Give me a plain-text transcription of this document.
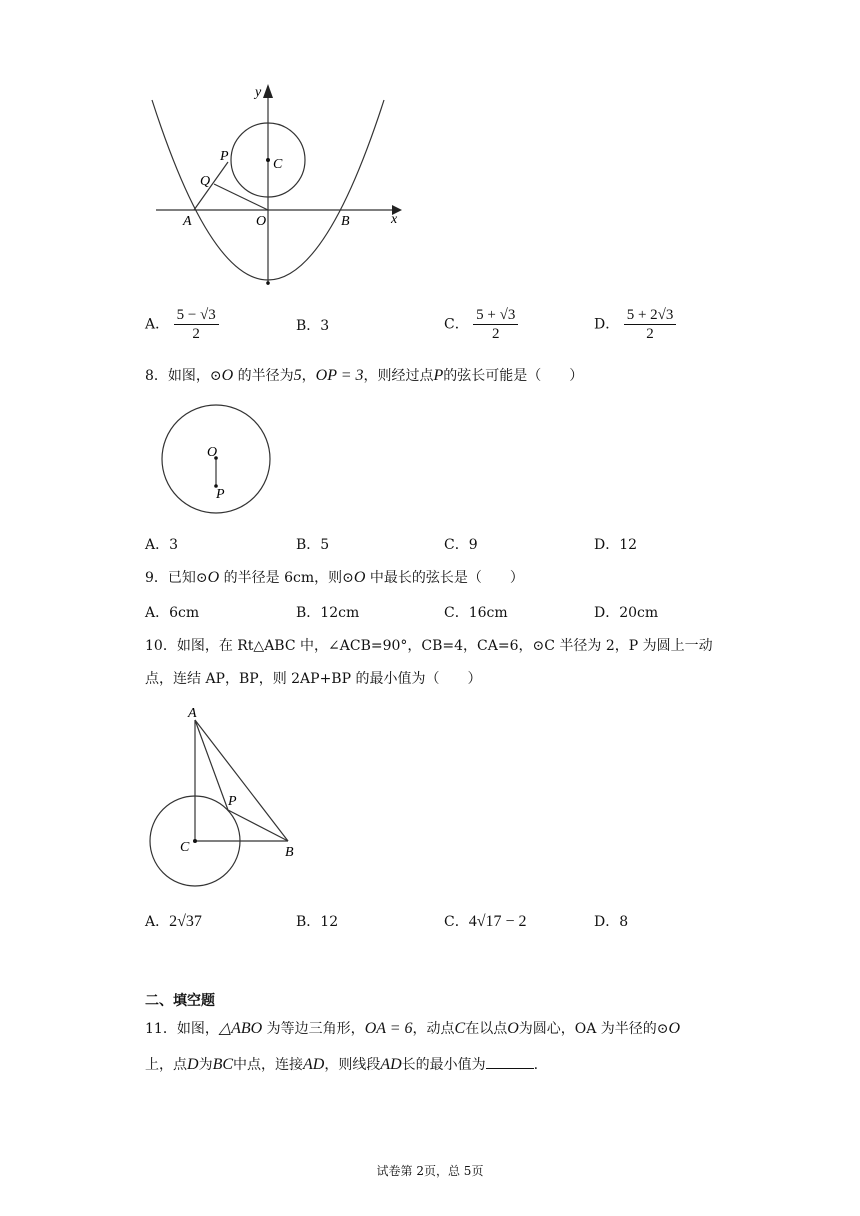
y
x
P
Q
C
A	O	B
A． $\frac{5 - √3}{2}$	B．3	C． $\frac{5 + √3}{2}$	D． $\frac{5 + 2√3}{2}$
8．如图，⊙O 的半径为5，OP = 3，则经过点P的弦长可能是（　　）
O
P
A．3	B．5	C．9	D．12
9．已知⊙O 的半径是 6cm，则⊙O 中最长的弦长是（　　）
A．6cm	B．12cm	C．16cm	D．20cm
10．如图，在 Rt△ABC 中，∠ACB=90°，CB=4，CA=6，⊙C 半径为 2，P 为圆上一动
点，连结 AP，BP，则 2AP+BP 的最小值为（　　）
A
P
C	B
A．2√37	B．12	C．4√17 − 2	D．8
二、填空题
11．如图，△ABO 为等边三角形，OA = 6，动点C在以点O为圆心，OA 为半径的⊙O
上，点D为BC中点，连接AD，则线段AD长的最小值为	.
试卷第 2页，总 5页
